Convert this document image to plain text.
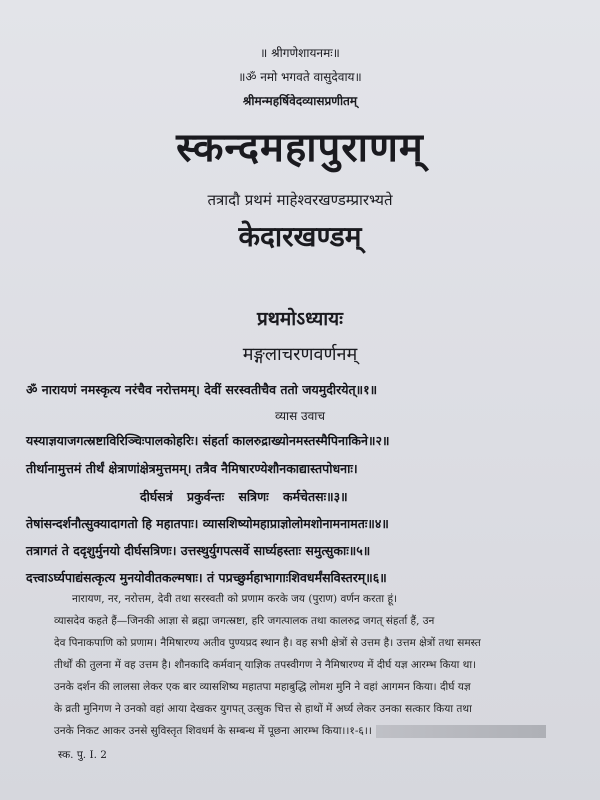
॥ श्रीगणेशायनमः॥
॥ॐ नमो भगवते वासुदेवाय॥
श्रीमन्महर्षिवेदव्यासप्रणीतम्
स्कन्दमहापुराणम्
तत्रादौ प्रथमं माहेश्वरखण्डम्प्रारभ्यते
केदारखण्डम्
प्रथमोऽध्यायः
मङ्गलाचरणवर्णनम्
ॐ नारायणं नमस्कृत्य नरंचैव नरोत्तमम्। देवीं सरस्वतीचैव ततो जयमुदीरयेत्॥१॥
व्यास उवाच
यस्याज्ञयाजगत्स्रष्टाविरिञ्चिःपालकोहरिः। संहर्ता कालरुद्राख्योनमस्तस्मैपिनाकिने॥२॥
तीर्थानामुत्तमं तीर्थं क्षेत्राणांक्षेत्रमुत्तमम्। तत्रैव नैमिषारण्येशौनकाद्यास्तपोधनाः।
दीर्घसत्रं प्रकुर्वन्तः सत्रिणः कर्मचेतसः॥३॥
तेषांसन्दर्शनौत्सुक्यादागतो हि महातपाः। व्यासशिष्योमहाप्राज्ञोलोमशोनामनामतः॥४॥
तत्रागतं ते ददृशुर्मुनयो दीर्घसत्रिणः। उत्तस्थुर्युगपत्सर्वे सार्घ्यहस्ताः समुत्सुकाः॥५॥
दत्त्वाऽर्घ्यपाद्यंसत्कृत्य मुनयोवीतकल्मषाः। तं पप्रच्छुर्महाभागाःशिवधर्मंसविस्तरम्॥६॥
नारायण, नर, नरोत्तम, देवी तथा सरस्वती को प्रणाम करके जय (पुराण) वर्णन करता हूं।
व्यासदेव कहते हैं—जिनकी आज्ञा से ब्रह्मा जगत्स्रष्टा, हरि जगत्पालक तथा कालरुद्र जगत् संहर्ता हैं, उन
देव पिनाकपाणि को प्रणाम। नैमिषारण्य अतीव पुण्यप्रद स्थान है। वह सभी क्षेत्रों से उत्तम है। उत्तम क्षेत्रों तथा समस्त
तीर्थों की तुलना में वह उत्तम है। शौनकादि कर्मवान् याज्ञिक तपस्वीगण ने नैमिषारण्य में दीर्घ यज्ञ आरम्भ किया था।
उनके दर्शन की लालसा लेकर एक बार व्यासशिष्य महातपा महाबुद्धि लोमश मुनि ने वहां आगमन किया। दीर्घ यज्ञ
के व्रती मुनिगण ने उनको वहां आया देखकर युगपत् उत्सुक चित्त से हाथों में अर्घ्य लेकर उनका सत्कार किया तथा
उनके निकट आकर उनसे सुविस्तृत शिवधर्म के सम्बन्ध में पूछना आरम्भ किया।।१-६।।
स्क. पु. I. 2
